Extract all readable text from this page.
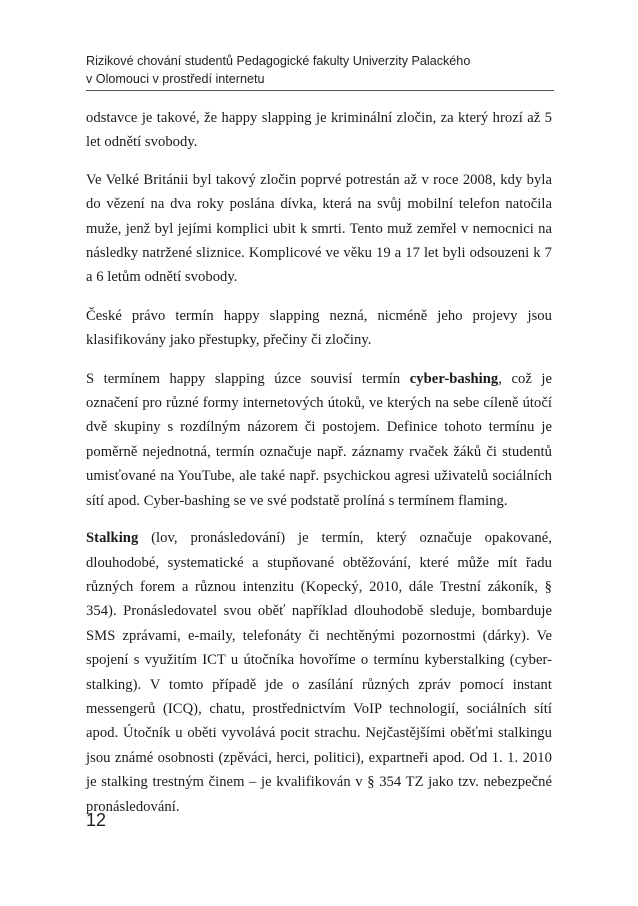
Rizikové chování studentů Pedagogické fakulty Univerzity Palackého
v Olomouci v prostředí internetu

odstavce je takové, že happy slapping je kriminální zločin, za který hrozí až 5 let odnětí svobody.

Ve Velké Británii byl takový zločin poprvé potrestán až v roce 2008, kdy byla do vězení na dva roky poslána dívka, která na svůj mobilní telefon natočila muže, jenž byl jejími komplici ubit k smrti. Tento muž zemřel v nemocnici na následky natržené sliznice. Komplicové ve věku 19 a 17 let byli odsouzeni k 7 a 6 letům odnětí svobody.

České právo termín happy slapping nezná, nicméně jeho projevy jsou klasifikovány jako přestupky, přečiny či zločiny.

S termínem happy slapping úzce souvisí termín cyber-bashing, což je označení pro různé formy internetových útoků, ve kterých na sebe cíleně útočí dvě skupiny s rozdílným názorem či postojem. Definice tohoto termínu je poměrně nejednotná, termín označuje např. záznamy rvaček žáků či studentů umisťované na YouTube, ale také např. psychickou agresi uživatelů sociálních sítí apod. Cyber-bashing se ve své podstatě prolíná s termínem flaming.

Stalking (lov, pronásledování) je termín, který označuje opakované, dlouhodobé, systematické a stupňované obtěžování, které může mít řadu různých forem a různou intenzitu (Kopecký, 2010, dále Trestní zákoník, § 354). Pronásledovatel svou oběť například dlouhodobě sleduje, bombarduje SMS zprávami, e-maily, telefonáty či nechtěnými pozornostmi (dárky). Ve spojení s využitím ICT u útočníka hovoříme o termínu kyberstalking (cyber-stalking). V tomto případě jde o zasílání různých zpráv pomocí instant messengerů (ICQ), chatu, prostřednictvím VoIP technologií, sociálních sítí apod. Útočník u oběti vyvolává pocit strachu. Nejčastějšími oběťmi stalkingu jsou známé osobnosti (zpěváci, herci, politici), expartneři apod. Od 1. 1. 2010 je stalking trestným činem – je kvalifikován v § 354 TZ jako tzv. nebezpečné pronásledování.

12
